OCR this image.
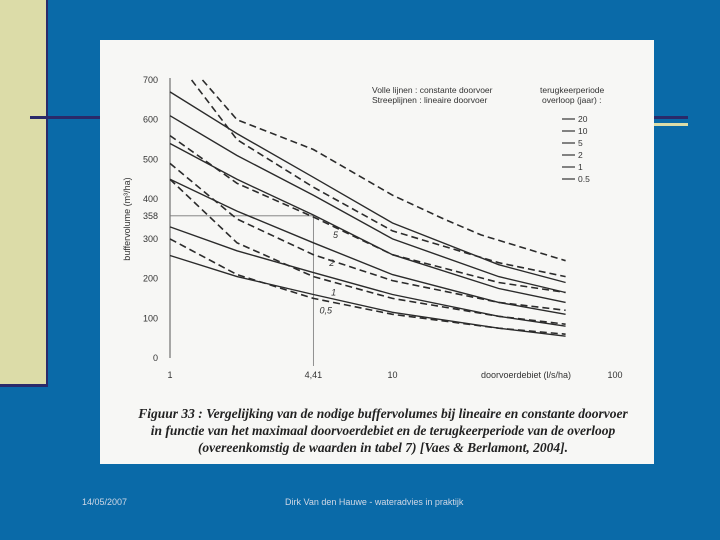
0
100
200
300
358
400
500
600
700
1	4,41	10	100
doorvoerdebiet (l/s/ha)
buffervolume (m³/ha)	5
2
1
0,5
Volle lijnen : constante doorvoer
Streeplijnen : lineaire doorvoer
terugkeerperiode
overloop (jaar) :
20
10
5
2
1
0.5
Figuur 33 : Vergelijking van de nodige buffervolumes bij lineaire en constante doorvoer
in functie van het maximaal doorvoerdebiet en de terugkeerperiode van de overloop
(overeenkomstig de waarden in tabel 7) [Vaes & Berlamont, 2004].
14/05/2007	Dirk Van den Hauwe - wateradvies in praktijk
